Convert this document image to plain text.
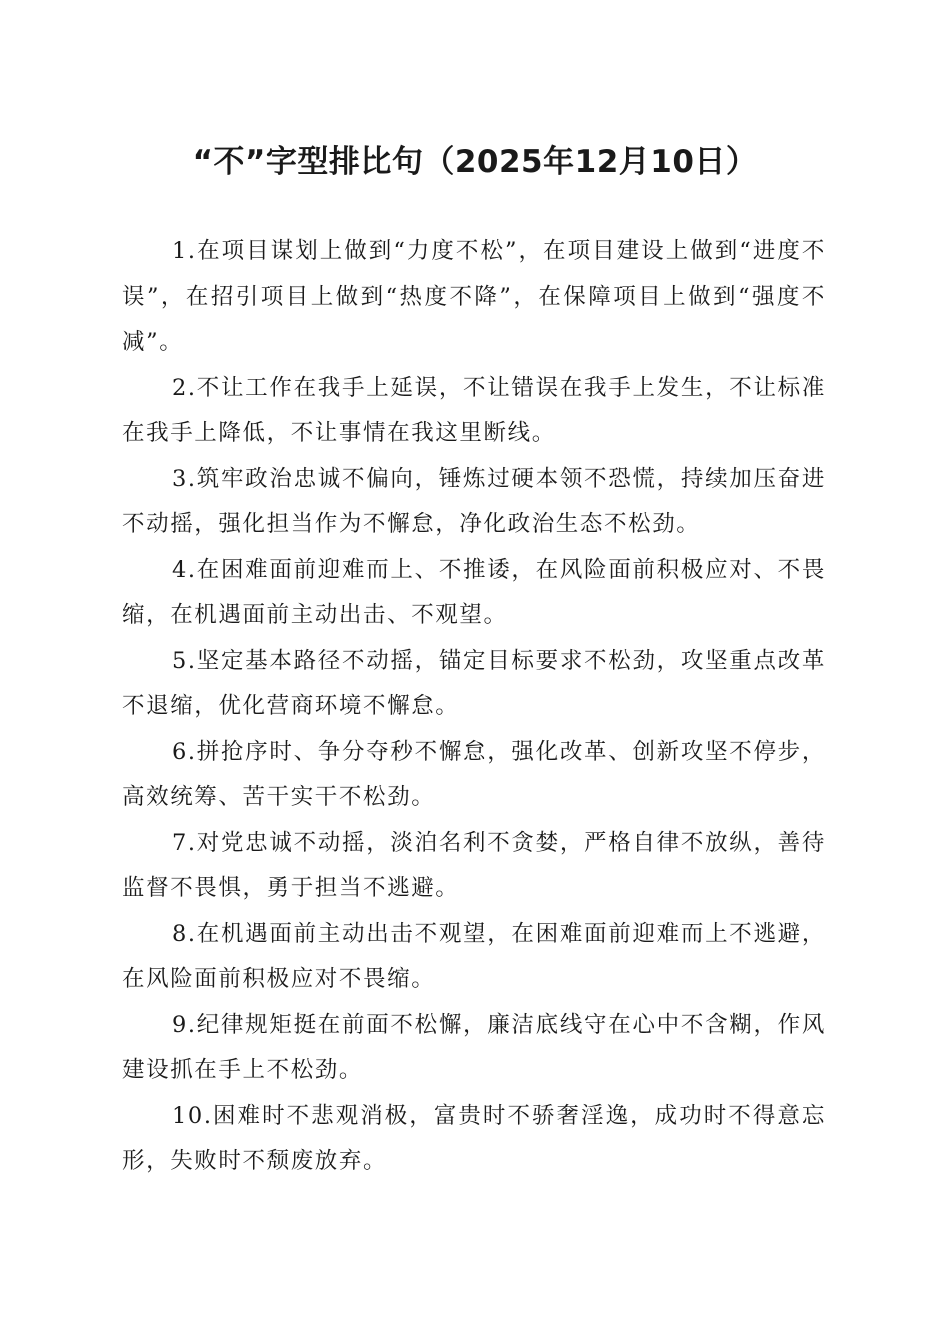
“不”字型排比句（2025年12月10日）

1.在项目谋划上做到“力度不松”，在项目建设上做到“进度不误”，在招引项目上做到“热度不降”，在保障项目上做到“强度不减”。

2.不让工作在我手上延误，不让错误在我手上发生，不让标准在我手上降低，不让事情在我这里断线。

3.筑牢政治忠诚不偏向，锤炼过硬本领不恐慌，持续加压奋进不动摇，强化担当作为不懈怠，净化政治生态不松劲。

4.在困难面前迎难而上、不推诿，在风险面前积极应对、不畏缩，在机遇面前主动出击、不观望。

5.坚定基本路径不动摇，锚定目标要求不松劲，攻坚重点改革不退缩，优化营商环境不懈怠。

6.拼抢序时、争分夺秒不懈怠，强化改革、创新攻坚不停步，高效统筹、苦干实干不松劲。

7.对党忠诚不动摇，淡泊名利不贪婪，严格自律不放纵，善待监督不畏惧，勇于担当不逃避。

8.在机遇面前主动出击不观望，在困难面前迎难而上不逃避，在风险面前积极应对不畏缩。

9.纪律规矩挺在前面不松懈，廉洁底线守在心中不含糊，作风建设抓在手上不松劲。

10.困难时不悲观消极，富贵时不骄奢淫逸，成功时不得意忘形，失败时不颓废放弃。
